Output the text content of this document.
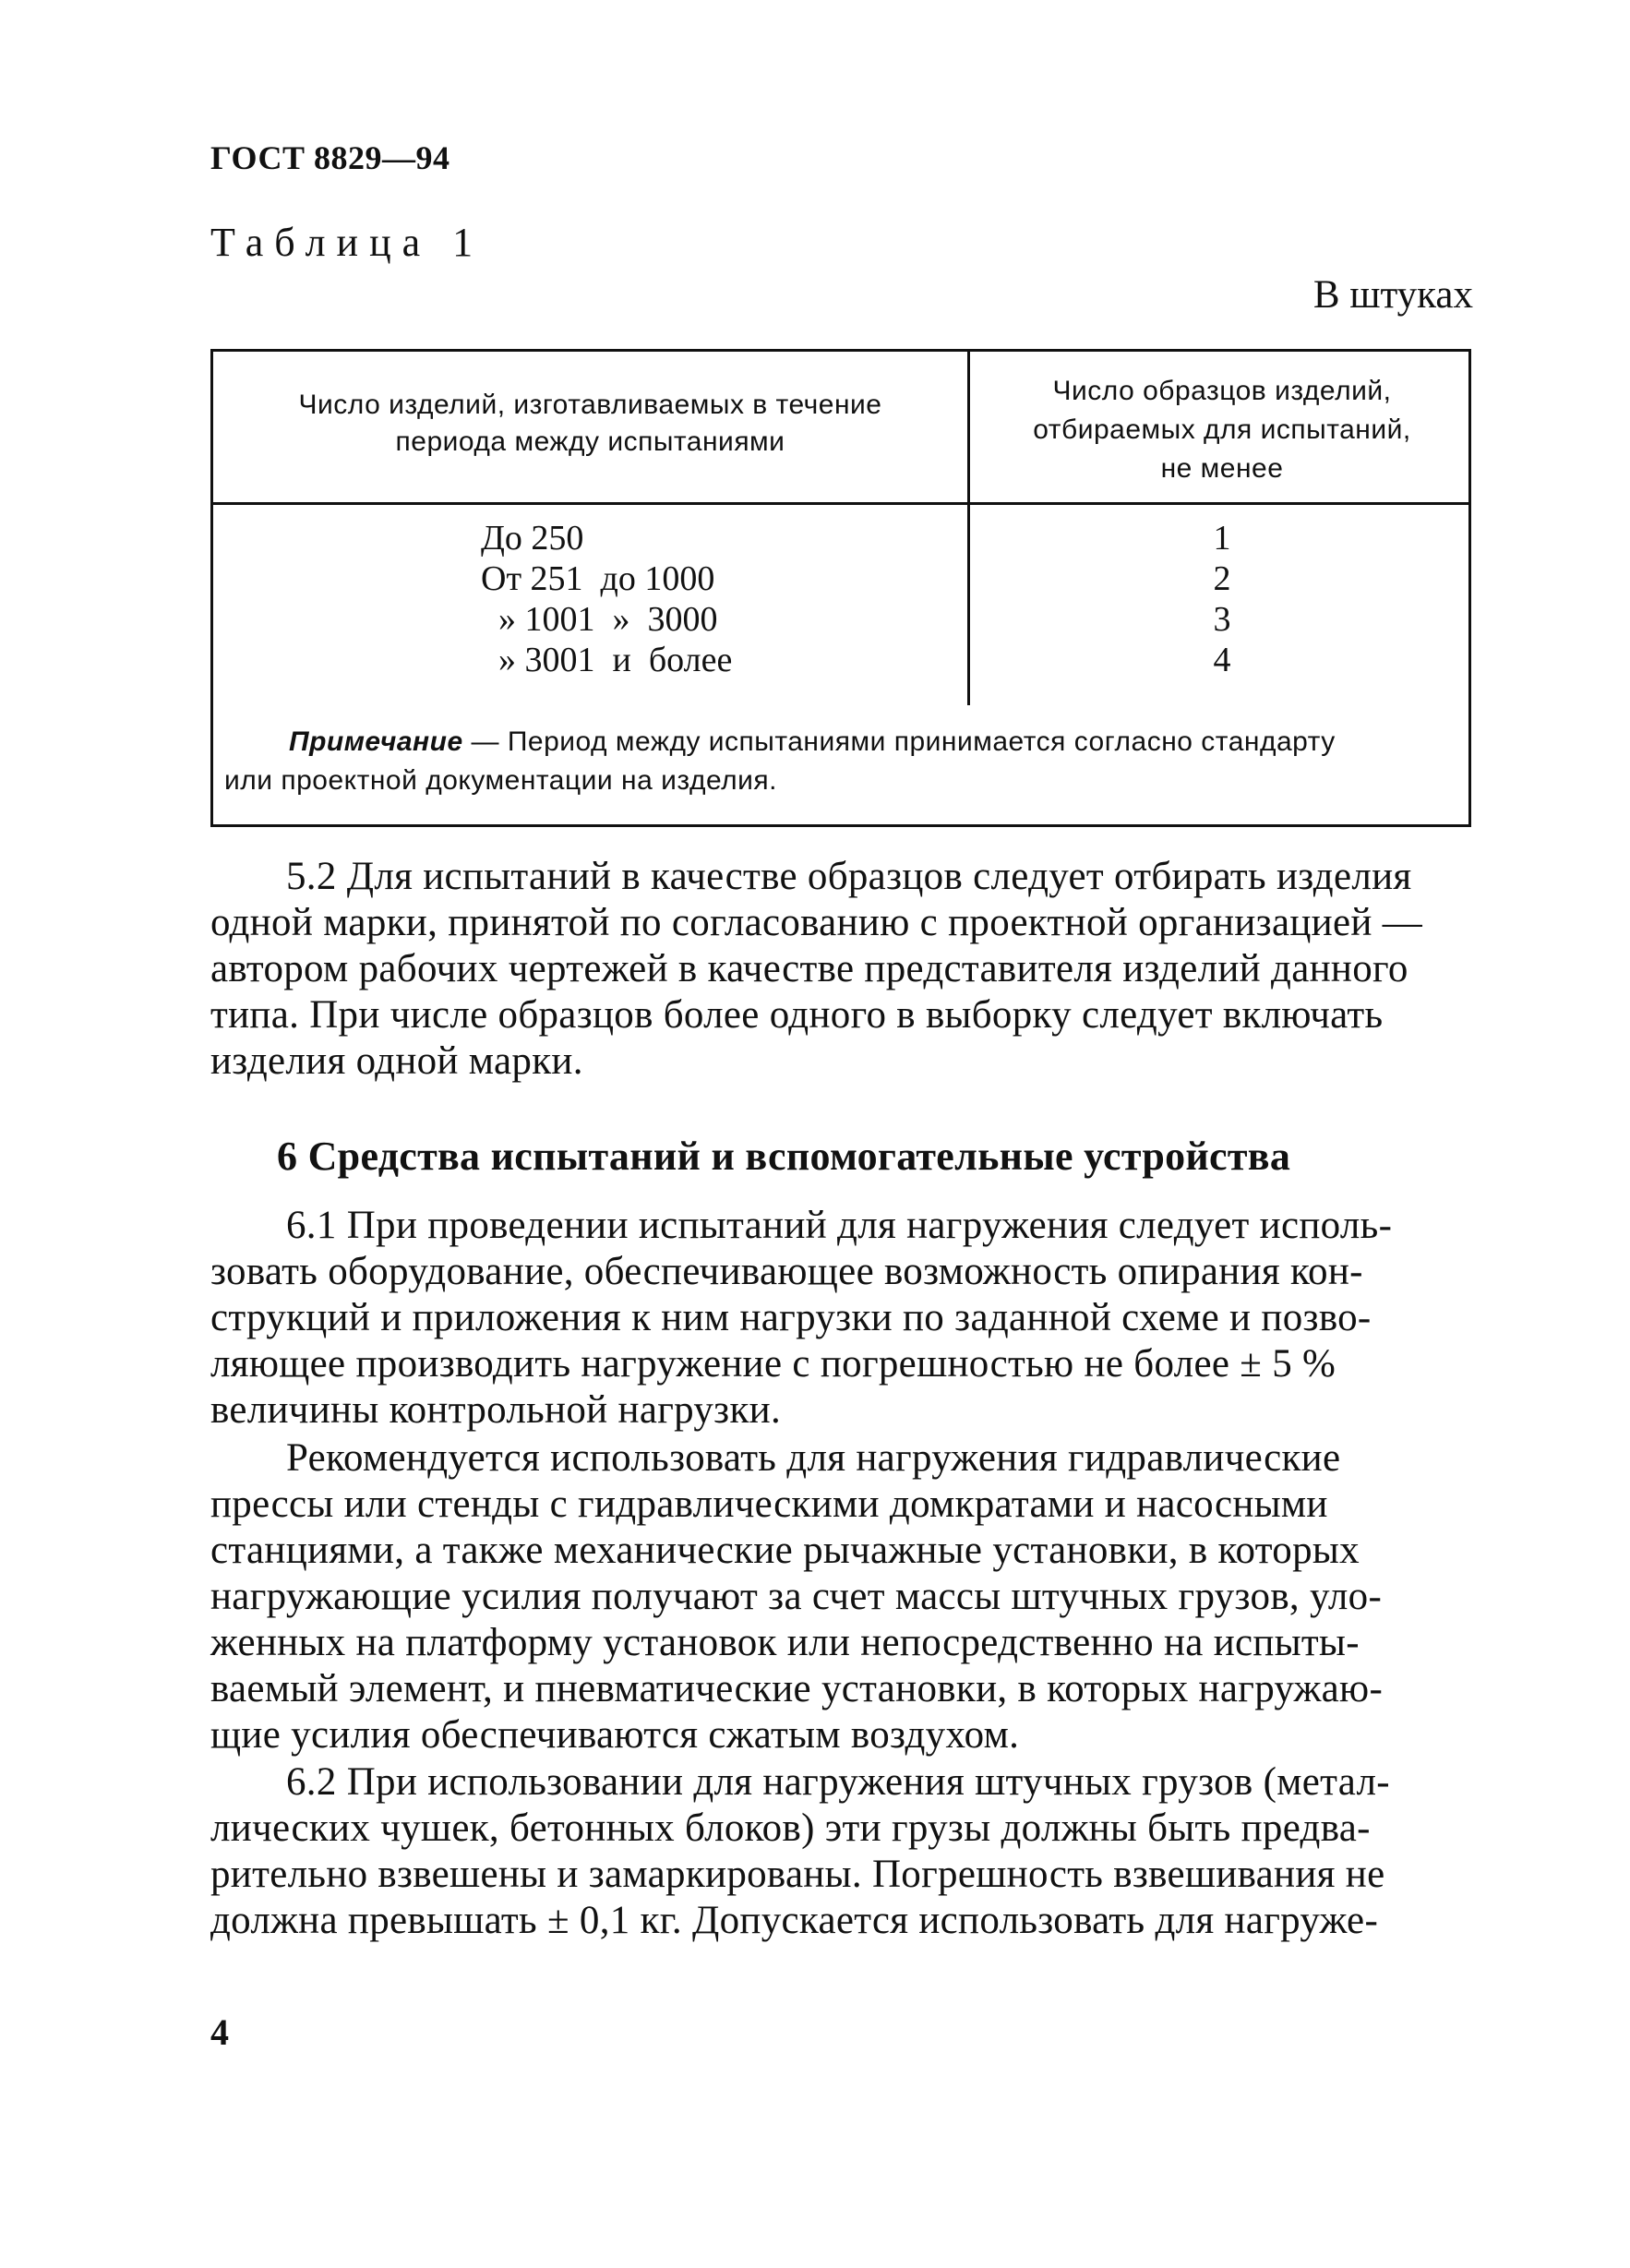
ГОСТ 8829—94
Таблица 1
В штуках
Число изделий, изготавливаемых в течение
периода между испытаниями
Число образцов изделий,
отбираемых для испытаний,
не менее
До 250
От 251  до 1000
» 1001  »  3000
» 3001  и  более
1
2
3
4
Примечание — Период между испытаниями принимается согласно стандарту
или проектной документации на изделия.
5.2 Для испытаний в качестве образцов следует отбирать изделия
одной марки, принятой по согласованию с проектной организацией —
автором рабочих чертежей в качестве представителя изделий данного
типа. При числе образцов более одного в выборку следует включать
изделия одной марки.
6 Средства испытаний и вспомогательные устройства
6.1 При проведении испытаний для нагружения следует исполь-
зовать оборудование, обеспечивающее возможность опирания кон-
струкций и приложения к ним нагрузки по заданной схеме и позво-
ляющее производить нагружение с погрешностью не более ± 5 %
величины контрольной нагрузки.
Рекомендуется использовать для нагружения гидравлические
прессы или стенды с гидравлическими домкратами и насосными
станциями, а также механические рычажные установки, в которых
нагружающие усилия получают за счет массы штучных грузов, уло-
женных на платформу установок или непосредственно на испыты-
ваемый элемент, и пневматические установки, в которых нагружаю-
щие усилия обеспечиваются сжатым воздухом.
6.2 При использовании для нагружения штучных грузов (метал-
лических чушек, бетонных блоков) эти грузы должны быть предва-
рительно взвешены и замаркированы. Погрешность взвешивания не
должна превышать ± 0,1 кг. Допускается использовать для нагруже-
4
